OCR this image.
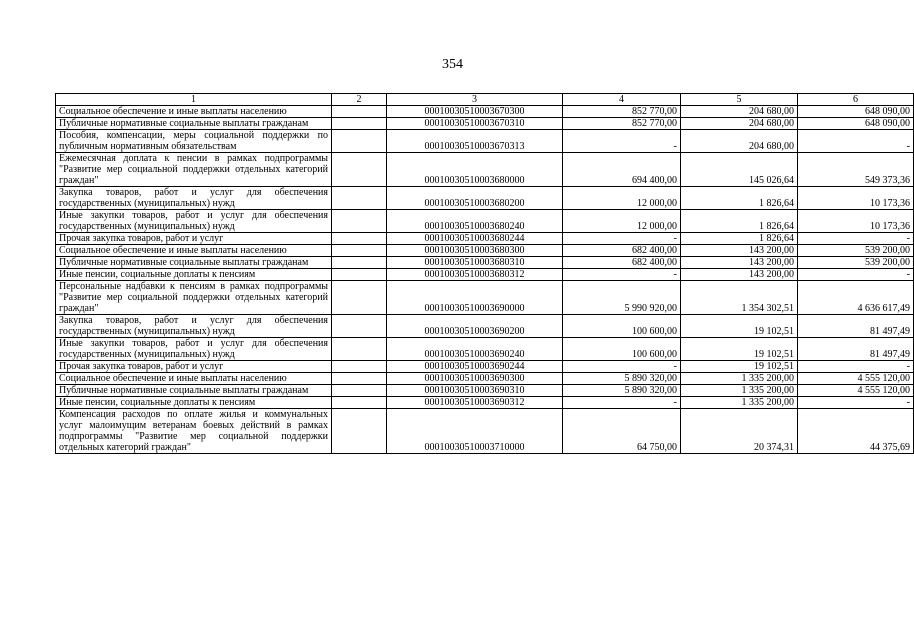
354
1	2	3	4	5	6
Социальное обеспечение и иные выплаты населению		00010030510003670300	852 770,00	204 680,00	648 090,00
Публичные нормативные социальные выплаты гражданам		00010030510003670310	852 770,00	204 680,00	648 090,00
Пособия, компенсации, меры социальной поддержки по публичным нормативным обязательствам		00010030510003670313	-	204 680,00	-
Ежемесячная доплата к пенсии в рамках подпрограммы "Развитие мер социальной поддержки отдельных категорий граждан"		00010030510003680000	694 400,00	145 026,64	549 373,36
Закупка товаров, работ и услуг для обеспечения государственных (муниципальных) нужд		00010030510003680200	12 000,00	1 826,64	10 173,36
Иные закупки товаров, работ и услуг для обеспечения государственных (муниципальных) нужд		00010030510003680240	12 000,00	1 826,64	10 173,36
Прочая закупка товаров, работ и услуг		00010030510003680244	-	1 826,64	-
Социальное обеспечение и иные выплаты населению		00010030510003680300	682 400,00	143 200,00	539 200,00
Публичные нормативные социальные выплаты гражданам		00010030510003680310	682 400,00	143 200,00	539 200,00
Иные пенсии, социальные доплаты к пенсиям		00010030510003680312	-	143 200,00	-
Персональные надбавки к пенсиям в рамках подпрограммы "Развитие мер социальной поддержки отдельных категорий граждан"		00010030510003690000	5 990 920,00	1 354 302,51	4 636 617,49
Закупка товаров, работ и услуг для обеспечения государственных (муниципальных) нужд		00010030510003690200	100 600,00	19 102,51	81 497,49
Иные закупки товаров, работ и услуг для обеспечения государственных (муниципальных) нужд		00010030510003690240	100 600,00	19 102,51	81 497,49
Прочая закупка товаров, работ и услуг		00010030510003690244	-	19 102,51	-
Социальное обеспечение и иные выплаты населению		00010030510003690300	5 890 320,00	1 335 200,00	4 555 120,00
Публичные нормативные социальные выплаты гражданам		00010030510003690310	5 890 320,00	1 335 200,00	4 555 120,00
Иные пенсии, социальные доплаты к пенсиям		00010030510003690312	-	1 335 200,00	-
Компенсация расходов по оплате жилья и коммунальных услуг малоимущим ветеранам боевых действий в рамках подпрограммы "Развитие мер социальной поддержки отдельных категорий граждан"		00010030510003710000	64 750,00	20 374,31	44 375,69
